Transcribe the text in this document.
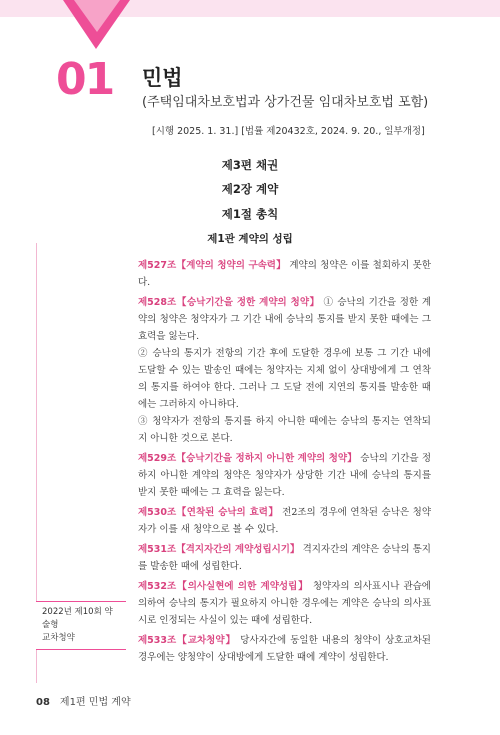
01 민법
(주택임대차보호법과 상가건물 임대차보호법 포함)
[시행 2025. 1. 31.] [법률 제20432호, 2024. 9. 20., 일부개정]
제3편 채권
제2장 계약
제1절 총칙
제1관 계약의 성립

제527조【계약의 청약의 구속력】 계약의 청약은 이를 철회하지 못한다.

제528조【승낙기간을 정한 계약의 청약】 ① 승낙의 기간을 정한 계약의 청약은 청약자가 그 기간 내에 승낙의 통지를 받지 못한 때에는 그 효력을 잃는다.

② 승낙의 통지가 전항의 기간 후에 도달한 경우에 보통 그 기간 내에 도달할 수 있는 발송인 때에는 청약자는 지체 없이 상대방에게 그 연착의 통지를 하여야 한다. 그러나 그 도달 전에 지연의 통지를 발송한 때에는 그러하지 아니하다.

③ 청약자가 전항의 통지를 하지 아니한 때에는 승낙의 통지는 연착되지 아니한 것으로 본다.

제529조【승낙기간을 정하지 아니한 계약의 청약】 승낙의 기간을 정하지 아니한 계약의 청약은 청약자가 상당한 기간 내에 승낙의 통지를 받지 못한 때에는 그 효력을 잃는다.

제530조【연착된 승낙의 효력】 전2조의 경우에 연착된 승낙은 청약자가 이를 새 청약으로 볼 수 있다.

제531조【격지자간의 계약성립시기】 격지자간의 계약은 승낙의 통지를 발송한 때에 성립한다.

제532조【의사실현에 의한 계약성립】 청약자의 의사표시나 관습에 의하여 승낙의 통지가 필요하지 아니한 경우에는 계약은 승낙의 의사표시로 인정되는 사실이 있는 때에 성립한다.

제533조【교차청약】 당사자간에 동일한 내용의 청약이 상호교차된 경우에는 양청약이 상대방에게 도달한 때에 계약이 성립한다.

2022년 제10회 약술형
교차청약
08 제1편 민법 계약
